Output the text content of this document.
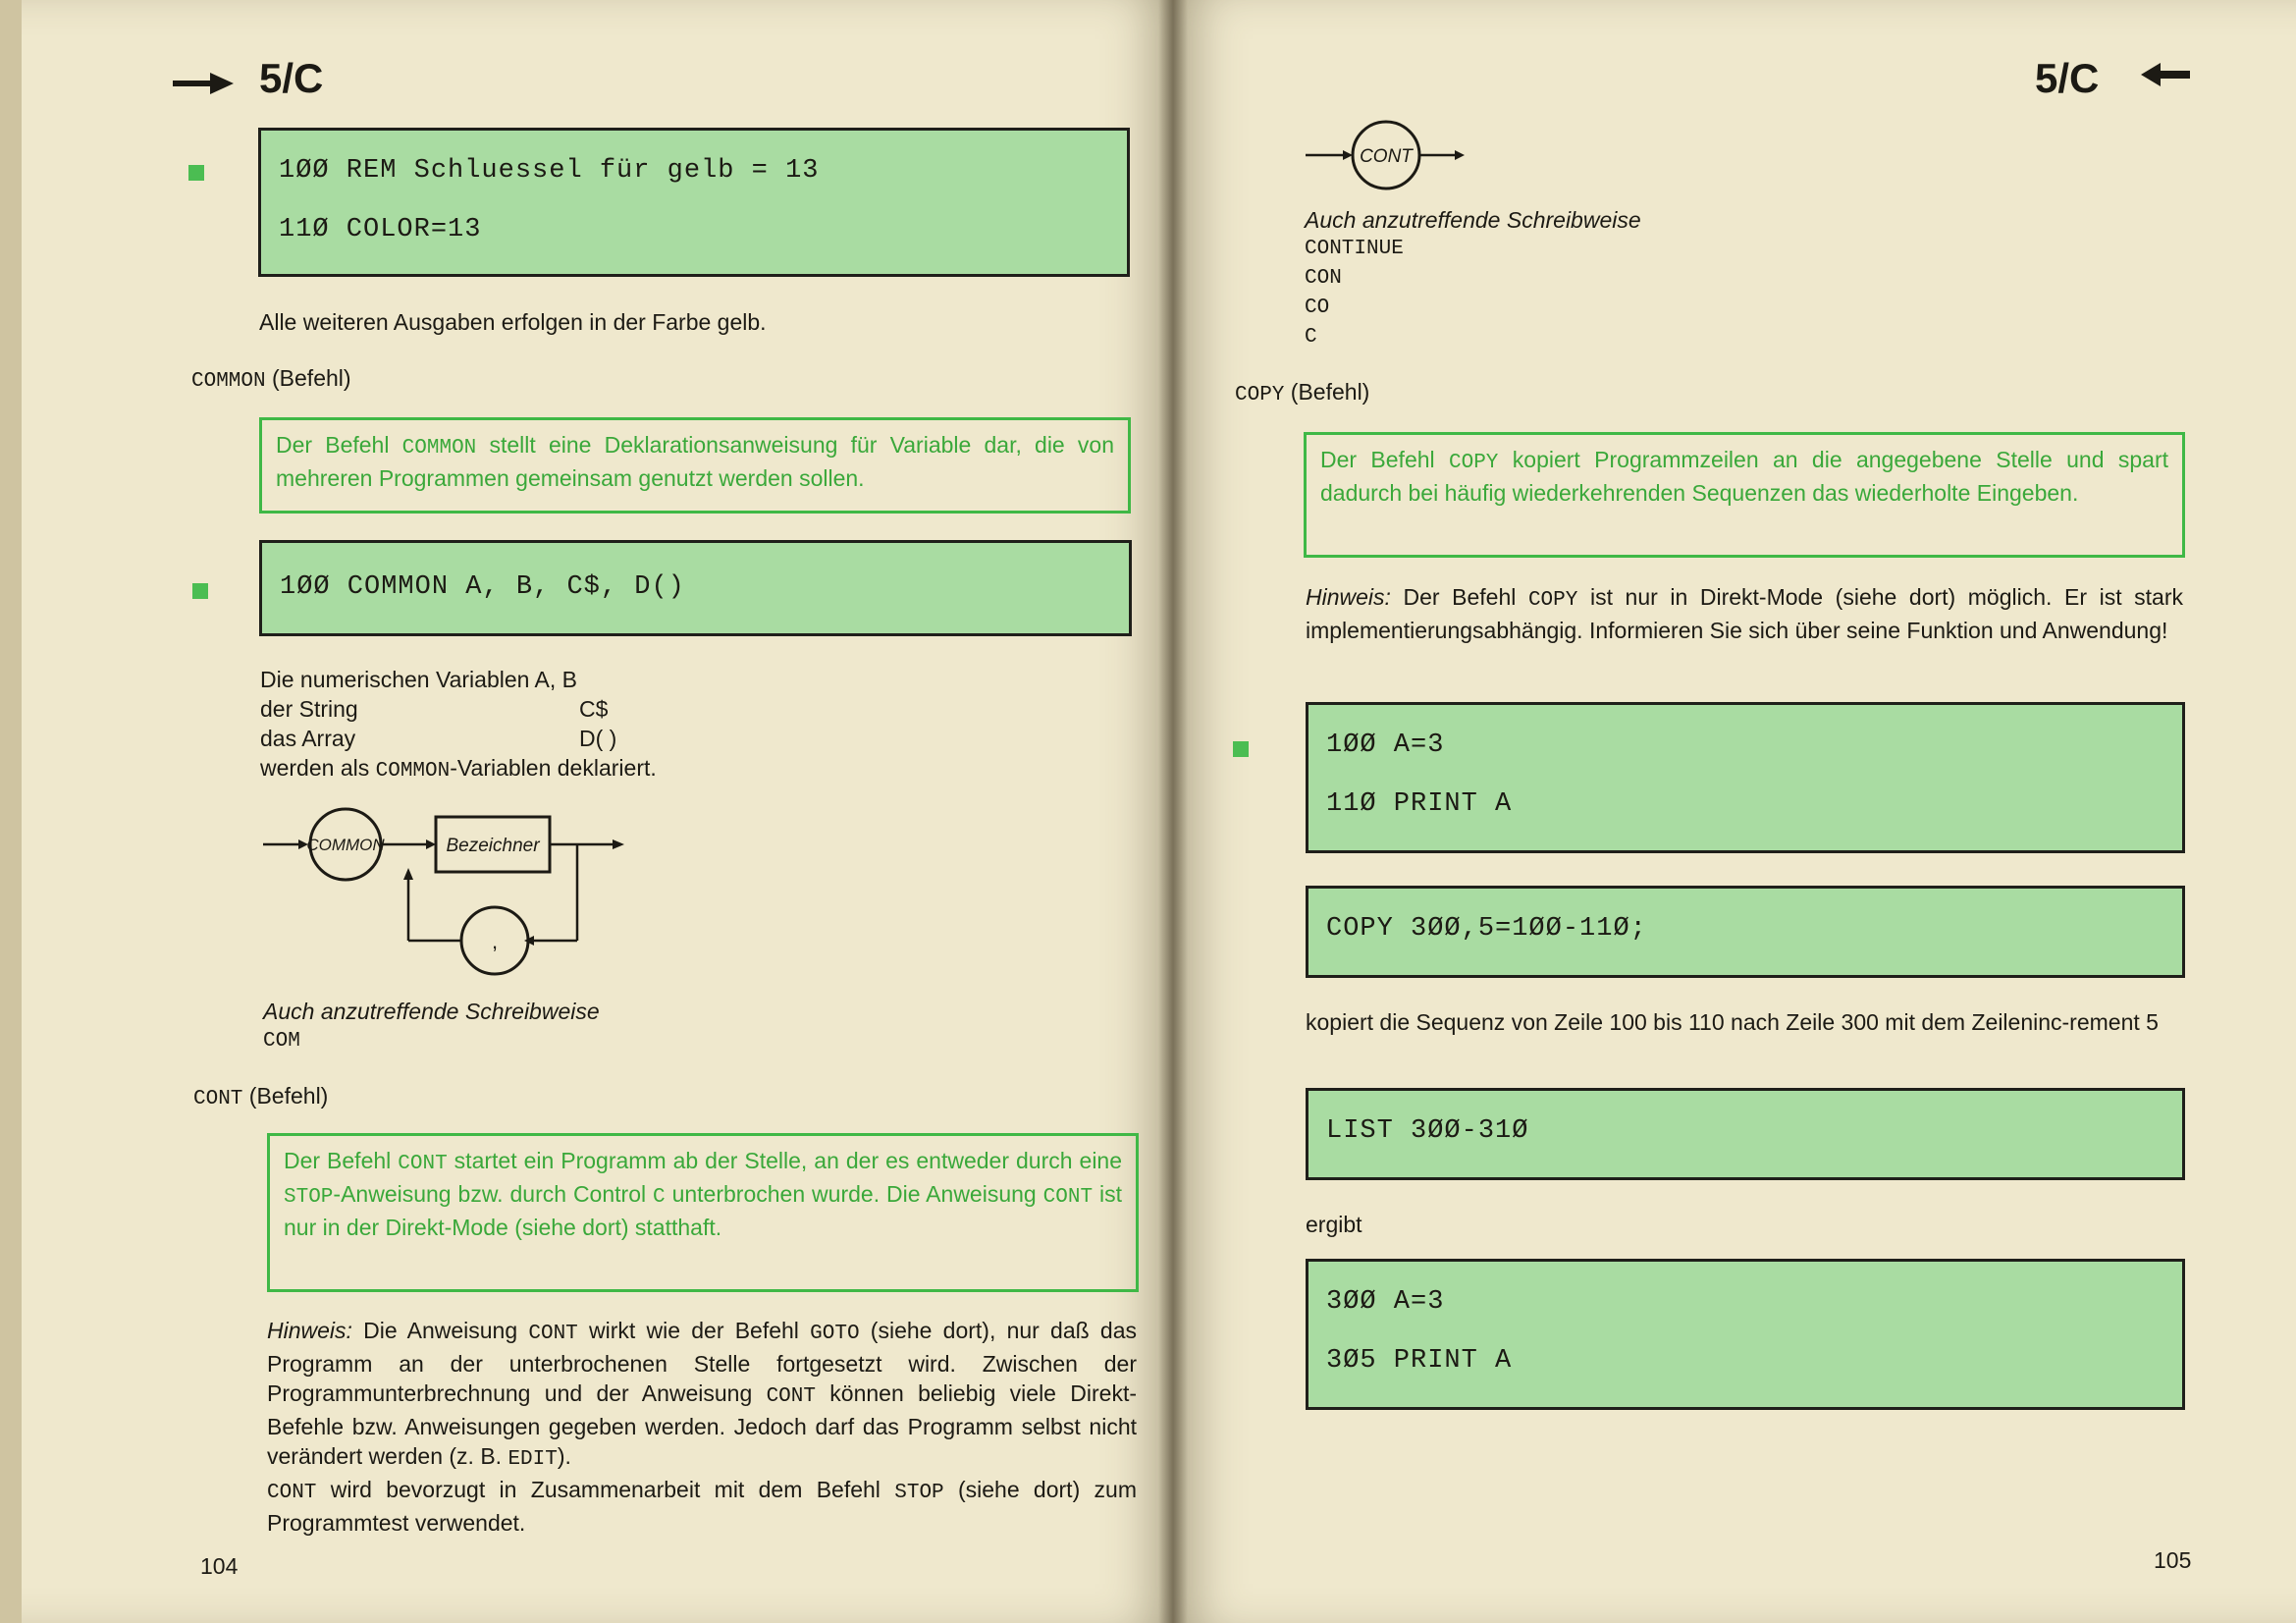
5/C
1ØØ REM Schluessel für gelb = 13
11Ø COLOR=13
Alle weiteren Ausgaben erfolgen in der Farbe gelb.
COMMON (Befehl)
Der Befehl COMMON stellt eine Deklarationsanweisung für Variable dar, die von mehreren Programmen gemeinsam genutzt werden sollen.
1ØØ COMMON A, B, C$, D()
Die numerischen Variablen A, B
der String	C$
das Array	D( )
werden als COMMON-Variablen deklariert.
COMMON	Bezeichner
,
Auch anzutreffende Schreibweise
COM
CONT (Befehl)
Der Befehl CONT startet ein Programm ab der Stelle, an der es entweder durch eine STOP-Anweisung bzw. durch Control C unterbrochen wurde. Die Anweisung CONT ist nur in der Direkt-Mode (siehe dort) statthaft.
Hinweis: Die Anweisung CONT wirkt wie der Befehl GOTO (siehe dort), nur daß das Programm an der unterbrochenen Stelle fortgesetzt wird. Zwischen der Programmunterbrechnung und der Anweisung CONT können beliebig viele Direkt-Befehle bzw. Anweisungen gegeben werden. Jedoch darf das Programm selbst nicht verändert werden (z. B. EDIT).
CONT wird bevorzugt in Zusammenarbeit mit dem Befehl STOP (siehe dort) zum Programmtest verwendet.
104
5/C
CONT
Auch anzutreffende Schreibweise
CONTINUE
CON
CO
C
COPY (Befehl)
Der Befehl COPY kopiert Programmzeilen an die angegebene Stelle und spart dadurch bei häufig wiederkehrenden Sequenzen das wiederholte Eingeben.
Hinweis: Der Befehl COPY ist nur in Direkt-Mode (siehe dort) möglich. Er ist stark implementierungsabhängig. Informieren Sie sich über seine Funktion und Anwendung!
1ØØ A=3
11Ø PRINT A
COPY 3ØØ,5=1ØØ-11Ø;
kopiert die Sequenz von Zeile 100 bis 110 nach Zeile 300 mit dem Zeileninc-rement 5
LIST 3ØØ-31Ø
ergibt
3ØØ A=3
3Ø5 PRINT A
105
